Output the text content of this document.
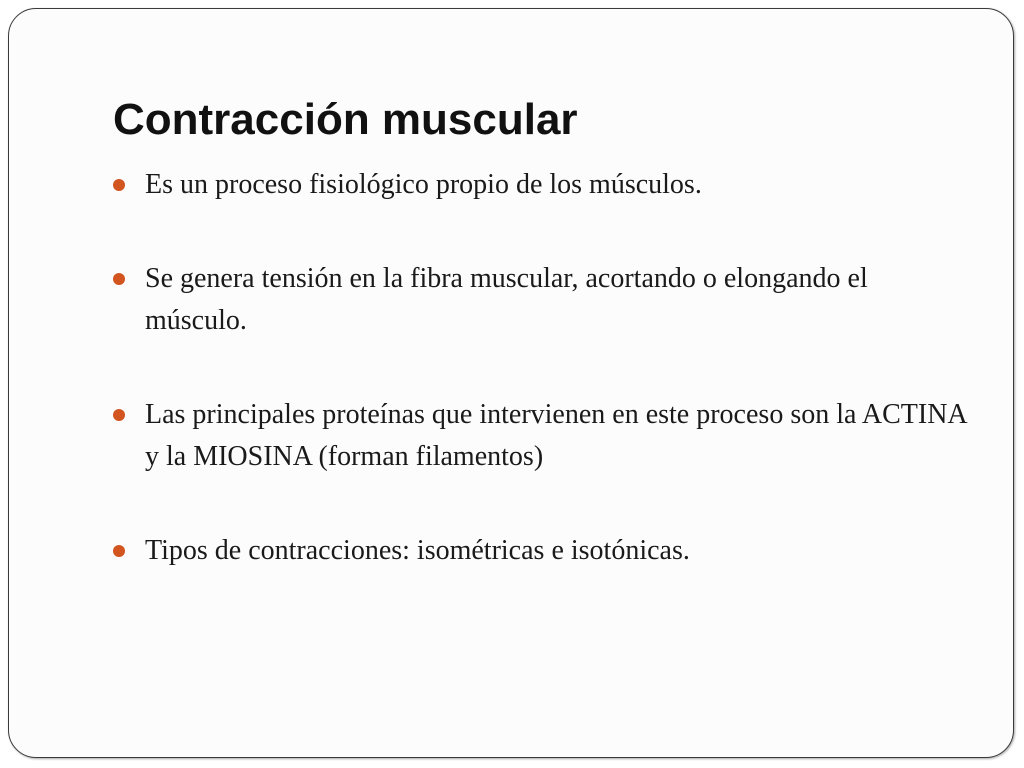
Contracción muscular
Es un proceso fisiológico propio de los músculos.
Se genera tensión en la fibra muscular, acortando o elongando el músculo.
Las principales proteínas que intervienen en este proceso son la ACTINA y la MIOSINA (forman filamentos)
Tipos de contracciones: isométricas e isotónicas.
